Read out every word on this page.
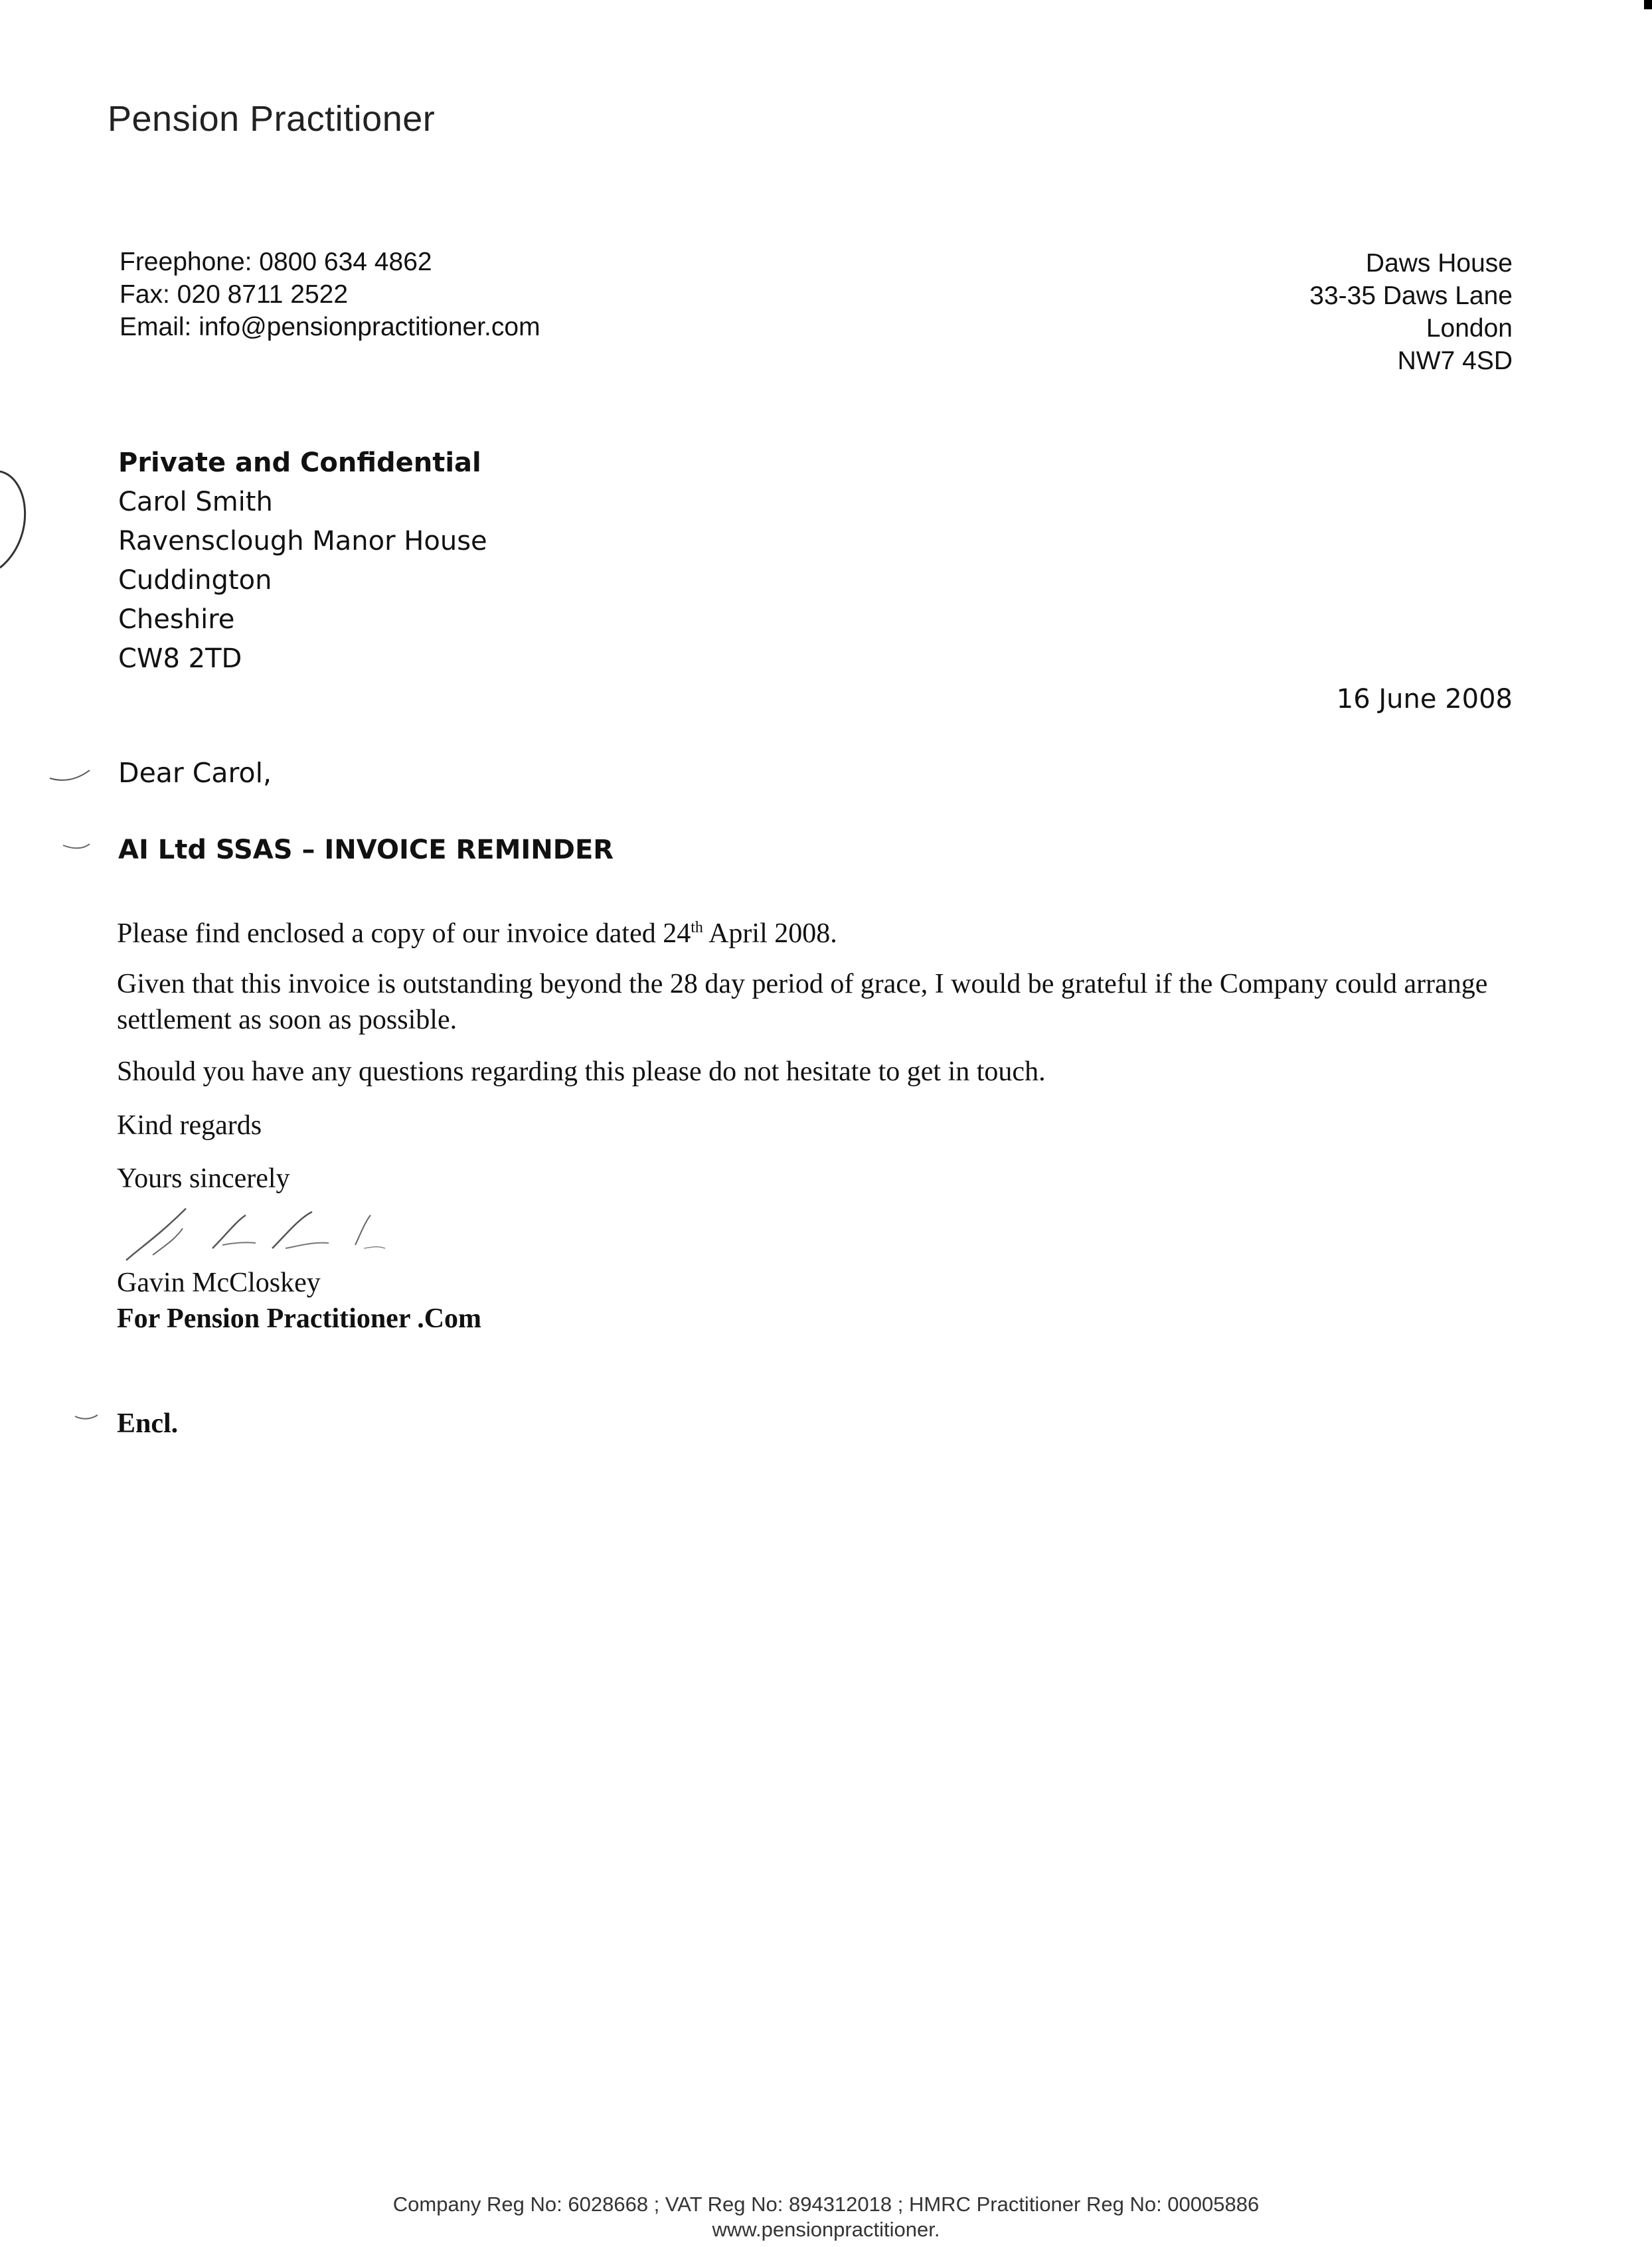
Pension Practitioner
Freephone: 0800 634 4862
Fax: 020 8711 2522
Email: info@pensionpractitioner.com
Daws House
33-35 Daws Lane
London
NW7 4SD
Private and Confidential
Carol Smith
Ravensclough Manor House
Cuddington
Cheshire
CW8 2TD
16 June 2008
Dear Carol,
AI Ltd SSAS – INVOICE REMINDER
Please find enclosed a copy of our invoice dated 24th April 2008.
Given that this invoice is outstanding beyond the 28 day period of grace, I would be grateful if the Company could arrange settlement as soon as possible.
Should you have any questions regarding this please do not hesitate to get in touch.
Kind regards
Yours sincerely
Gavin McCloskey
For Pension Practitioner .Com
Encl.
Company Reg No: 6028668 ; VAT Reg No: 894312018 ; HMRC Practitioner Reg No: 00005886
www.pensionpractitioner.
